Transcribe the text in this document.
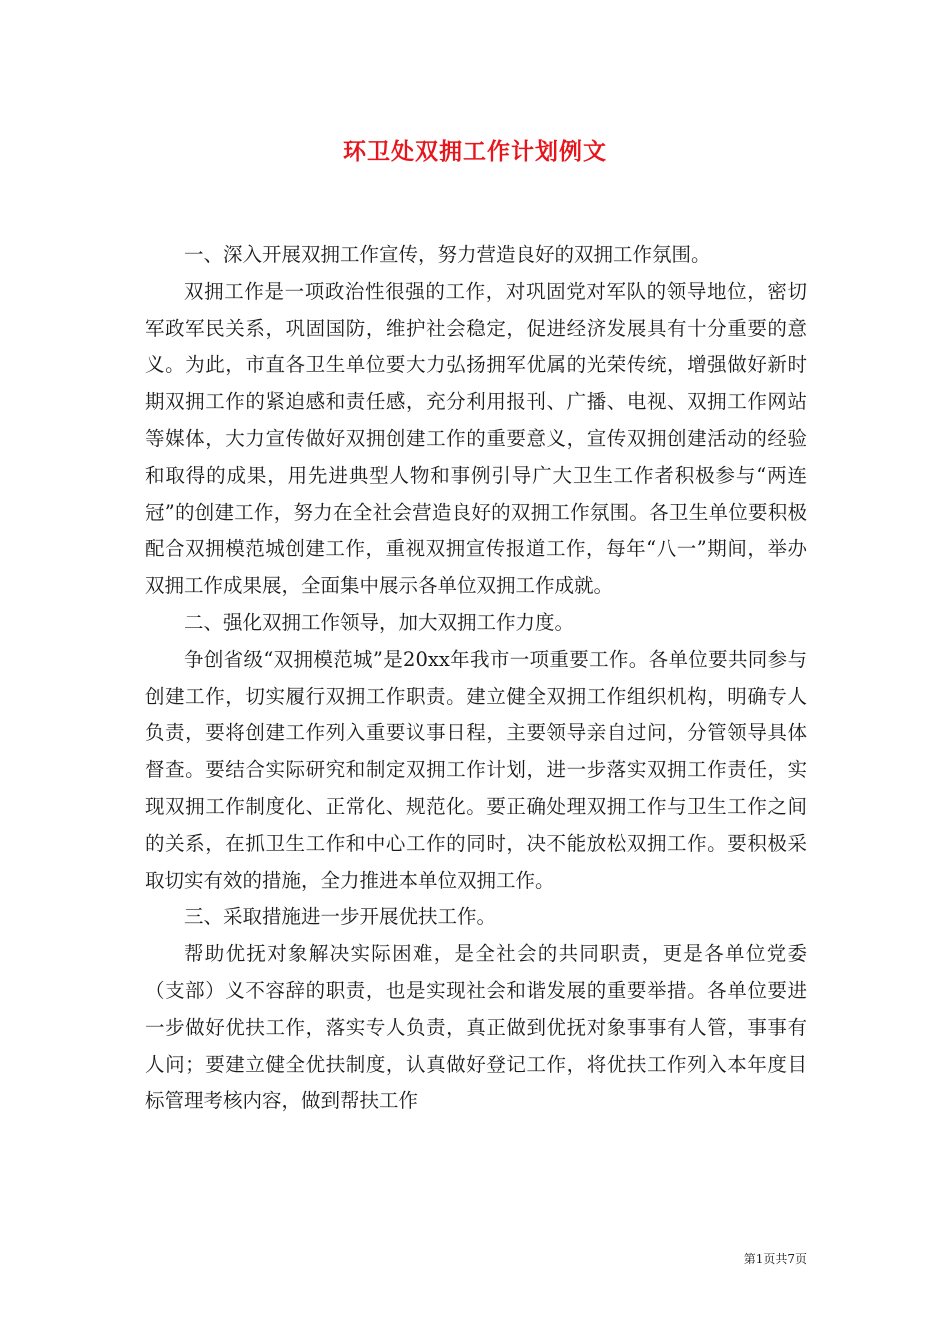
环卫处双拥工作计划例文

一、深入开展双拥工作宣传，努力营造良好的双拥工作氛围。

双拥工作是一项政治性很强的工作，对巩固党对军队的领导地位，密切军政军民关系，巩固国防，维护社会稳定，促进经济发展具有十分重要的意义。为此，市直各卫生单位要大力弘扬拥军优属的光荣传统，增强做好新时期双拥工作的紧迫感和责任感，充分利用报刊、广播、电视、双拥工作网站等媒体，大力宣传做好双拥创建工作的重要意义，宣传双拥创建活动的经验和取得的成果，用先进典型人物和事例引导广大卫生工作者积极参与“两连冠”的创建工作，努力在全社会营造良好的双拥工作氛围。各卫生单位要积极配合双拥模范城创建工作，重视双拥宣传报道工作，每年“八一”期间，举办双拥工作成果展，全面集中展示各单位双拥工作成就。

二、强化双拥工作领导，加大双拥工作力度。

争创省级“双拥模范城”是20xx年我市一项重要工作。各单位要共同参与创建工作，切实履行双拥工作职责。建立健全双拥工作组织机构，明确专人负责，要将创建工作列入重要议事日程，主要领导亲自过问，分管领导具体督查。要结合实际研究和制定双拥工作计划，进一步落实双拥工作责任，实现双拥工作制度化、正常化、规范化。要正确处理双拥工作与卫生工作之间的关系，在抓卫生工作和中心工作的同时，决不能放松双拥工作。要积极采取切实有效的措施，全力推进本单位双拥工作。

三、采取措施进一步开展优扶工作。

帮助优抚对象解决实际困难，是全社会的共同职责，更是各单位党委（支部）义不容辞的职责，也是实现社会和谐发展的重要举措。各单位要进一步做好优扶工作，落实专人负责，真正做到优抚对象事事有人管，事事有人问；要建立健全优扶制度，认真做好登记工作，将优扶工作列入本年度目标管理考核内容，做到帮扶工作

第1页共7页
